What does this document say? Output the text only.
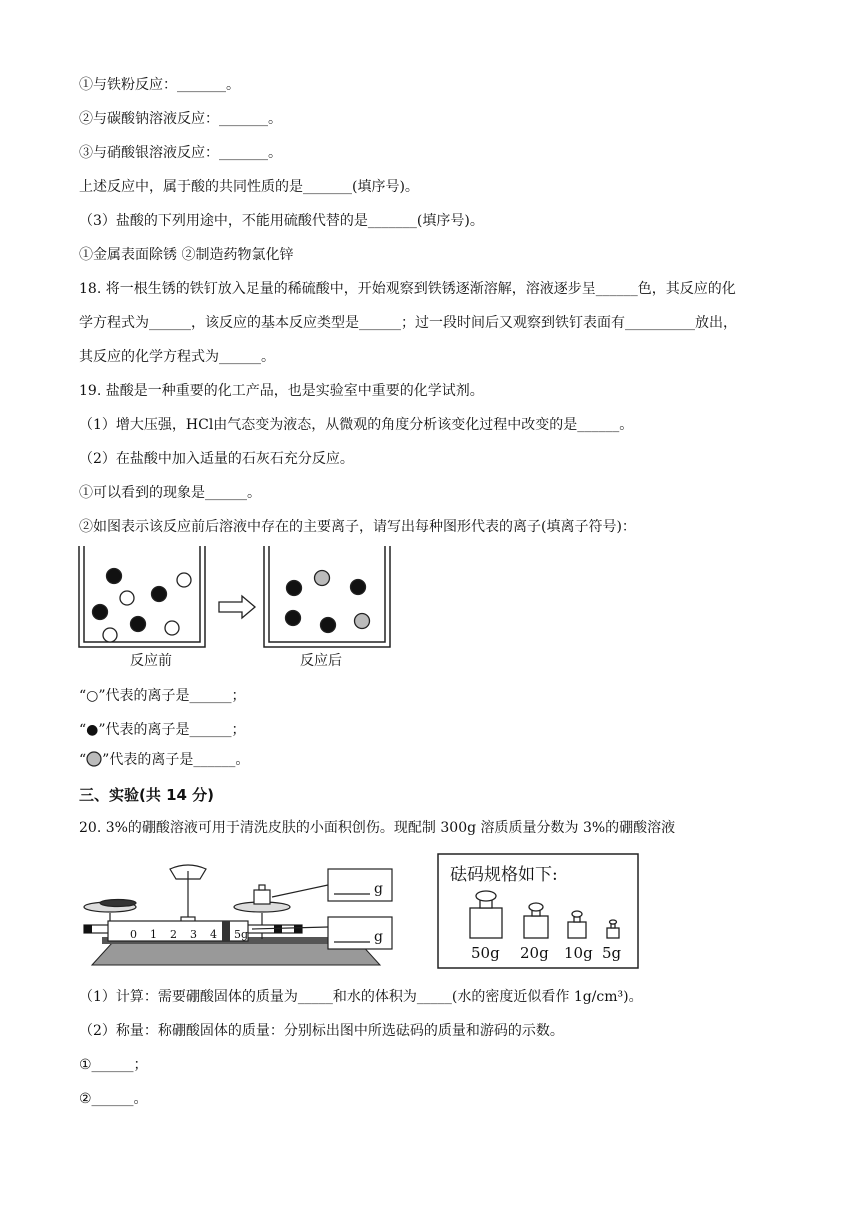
①与铁粉反应：_______。
②与碳酸钠溶液反应：_______。
③与硝酸银溶液反应：_______。
上述反应中，属于酸的共同性质的是_______(填序号)。
（3）盐酸的下列用途中，不能用硫酸代替的是_______(填序号)。
①金属表面除锈 ②制造药物氯化锌
18. 将一根生锈的铁钉放入足量的稀硫酸中，开始观察到铁锈逐渐溶解，溶液逐步呈______色，其反应的化
学方程式为______，该反应的基本反应类型是______；过一段时间后又观察到铁钉表面有__________放出，
其反应的化学方程式为______。
19. 盐酸是一种重要的化工产品，也是实验室中重要的化学试剂。
（1）增大压强，HCl由气态变为液态，从微观的角度分析该变化过程中改变的是______。
（2）在盐酸中加入适量的石灰石充分反应。
①可以看到的现象是______。
②如图表示该反应前后溶液中存在的主要离子，请写出每种图形代表的离子(填离子符号)：
反应前	反应后
“○”代表的离子是______；
“●”代表的离子是______；
“ ”代表的离子是______。
三、实验(共 14 分)
20. 3%的硼酸溶液可用于清洗皮肤的小面积创伤。现配制 300g 溶质质量分数为 3%的硼酸溶液
0 1 2 3 4 5g
g
g
砝码规格如下:
50g 20g 10g 5g
（1）计算：需要硼酸固体的质量为_____和水的体积为_____(水的密度近似看作 1g/cm³)。
（2）称量：称硼酸固体的质量：分别标出图中所选砝码的质量和游码的示数。
①______；
②______。
